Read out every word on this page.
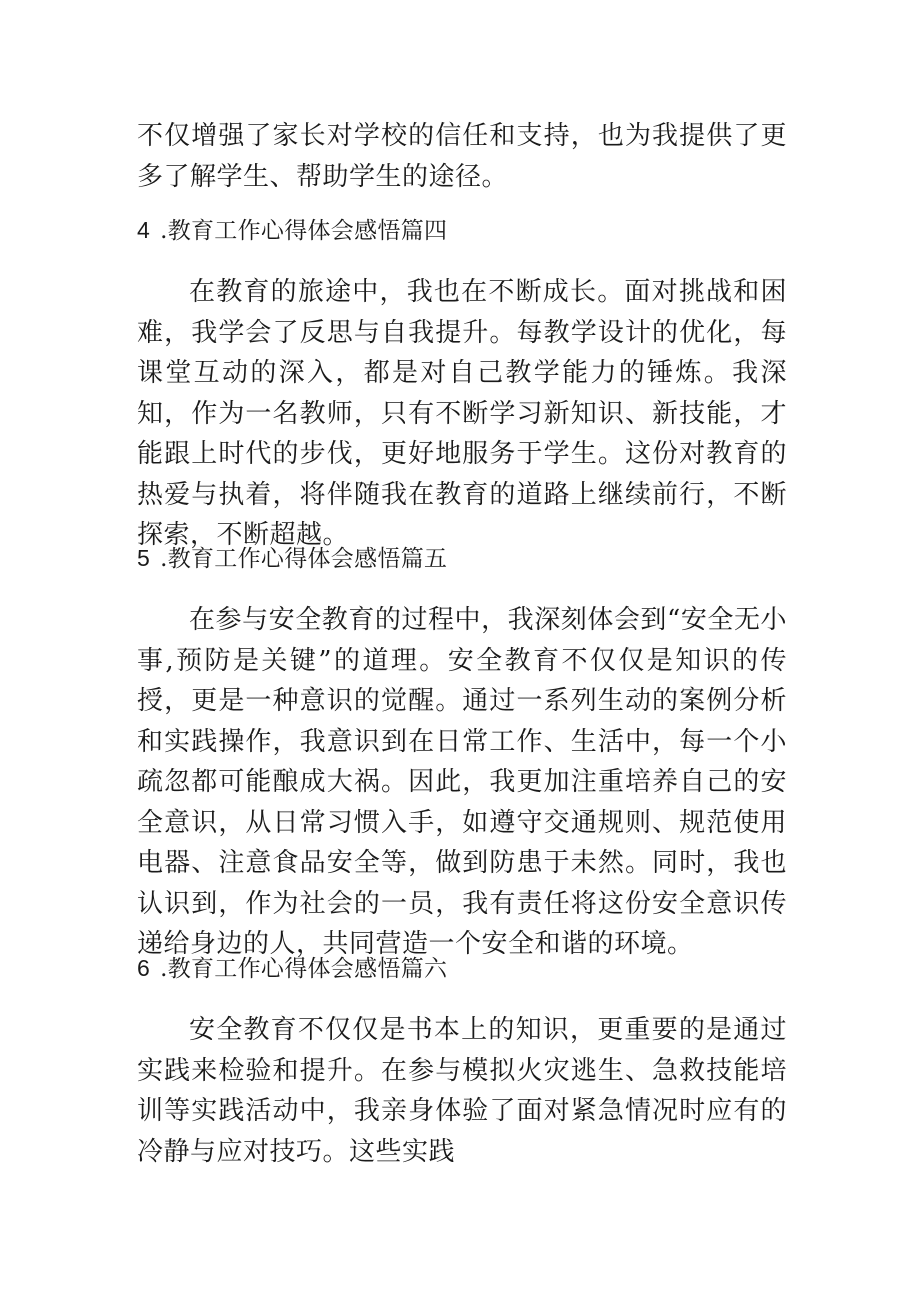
不仅增强了家长对学校的信任和支持，也为我提供了更多了解学生、帮助学生的途径。

4 .教育工作心得体会感悟篇四

在教育的旅途中，我也在不断成长。面对挑战和困难，我学会了反思与自我提升。每教学设计的优化，每课堂互动的深入，都是对自己教学能力的锤炼。我深知，作为一名教师，只有不断学习新知识、新技能，才能跟上时代的步伐，更好地服务于学生。这份对教育的热爱与执着，将伴随我在教育的道路上继续前行，不断探索，不断超越。

5 .教育工作心得体会感悟篇五

在参与安全教育的过程中，我深刻体会到“安全无小事,预防是关键”的道理。安全教育不仅仅是知识的传授，更是一种意识的觉醒。通过一系列生动的案例分析和实践操作，我意识到在日常工作、生活中，每一个小疏忽都可能酿成大祸。因此，我更加注重培养自己的安全意识，从日常习惯入手，如遵守交通规则、规范使用电器、注意食品安全等，做到防患于未然。同时，我也认识到，作为社会的一员，我有责任将这份安全意识传递给身边的人，共同营造一个安全和谐的环境。

6 .教育工作心得体会感悟篇六

安全教育不仅仅是书本上的知识，更重要的是通过实践来检验和提升。在参与模拟火灾逃生、急救技能培训等实践活动中，我亲身体验了面对紧急情况时应有的冷静与应对技巧。这些实践
